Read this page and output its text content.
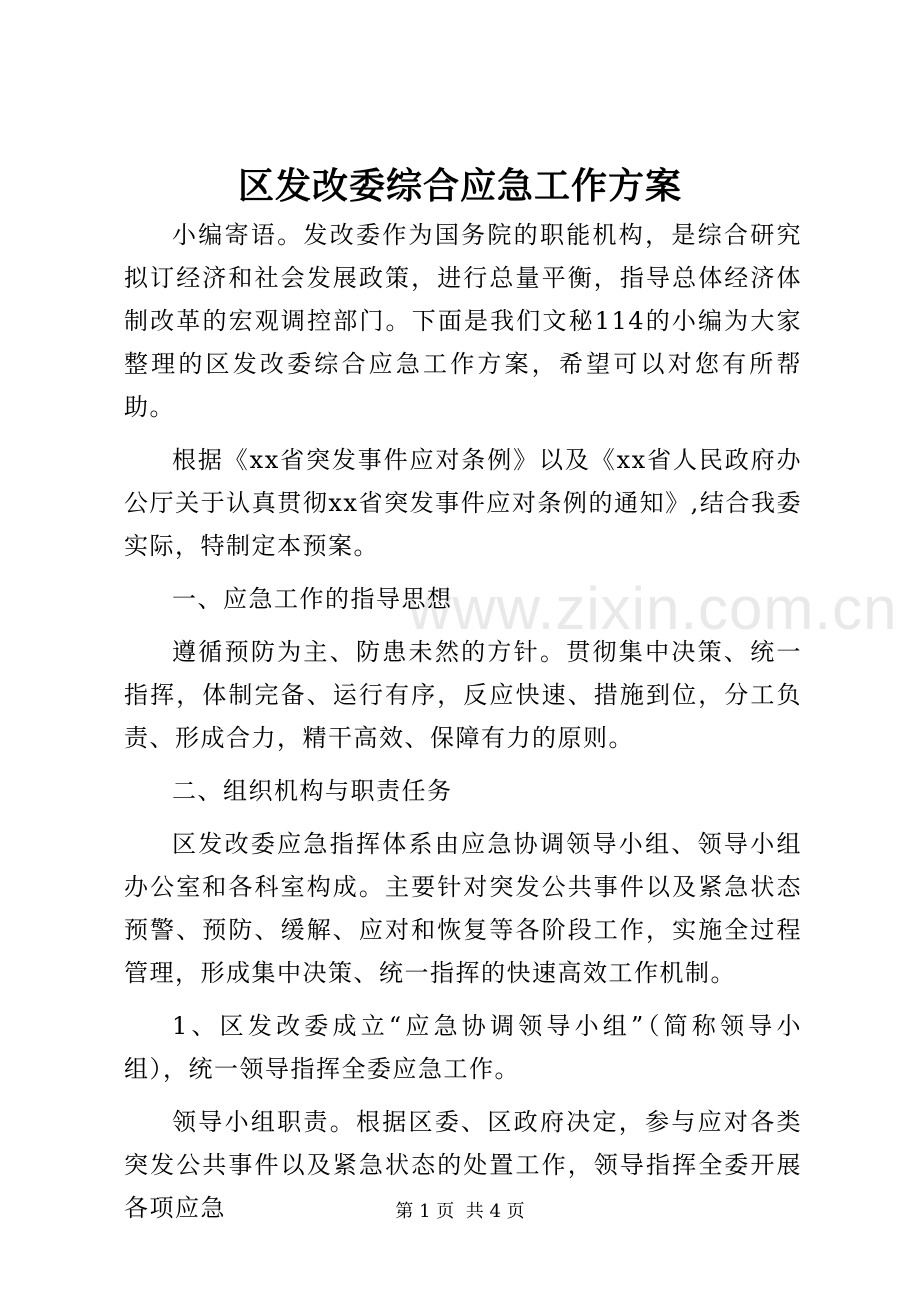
www.zixin.com.cn
区发改委综合应急工作方案

小编寄语。发改委作为国务院的职能机构，是综合研究拟订经济和社会发展政策，进行总量平衡，指导总体经济体制改革的宏观调控部门。下面是我们文秘114的小编为大家整理的区发改委综合应急工作方案，希望可以对您有所帮助。

根据《xx省突发事件应对条例》以及《xx省人民政府办公厅关于认真贯彻xx省突发事件应对条例的通知》,结合我委实际，特制定本预案。

一、应急工作的指导思想

遵循预防为主、防患未然的方针。贯彻集中决策、统一指挥，体制完备、运行有序，反应快速、措施到位，分工负责、形成合力，精干高效、保障有力的原则。

二、组织机构与职责任务

区发改委应急指挥体系由应急协调领导小组、领导小组办公室和各科室构成。主要针对突发公共事件以及紧急状态预警、预防、缓解、应对和恢复等各阶段工作，实施全过程管理，形成集中决策、统一指挥的快速高效工作机制。

1、区发改委成立“应急协调领导小组”（简称领导小组），统一领导指挥全委应急工作。

领导小组职责。根据区委、区政府决定，参与应对各类突发公共事件以及紧急状态的处置工作，领导指挥全委开展各项应急	第 1 页 共 4 页
